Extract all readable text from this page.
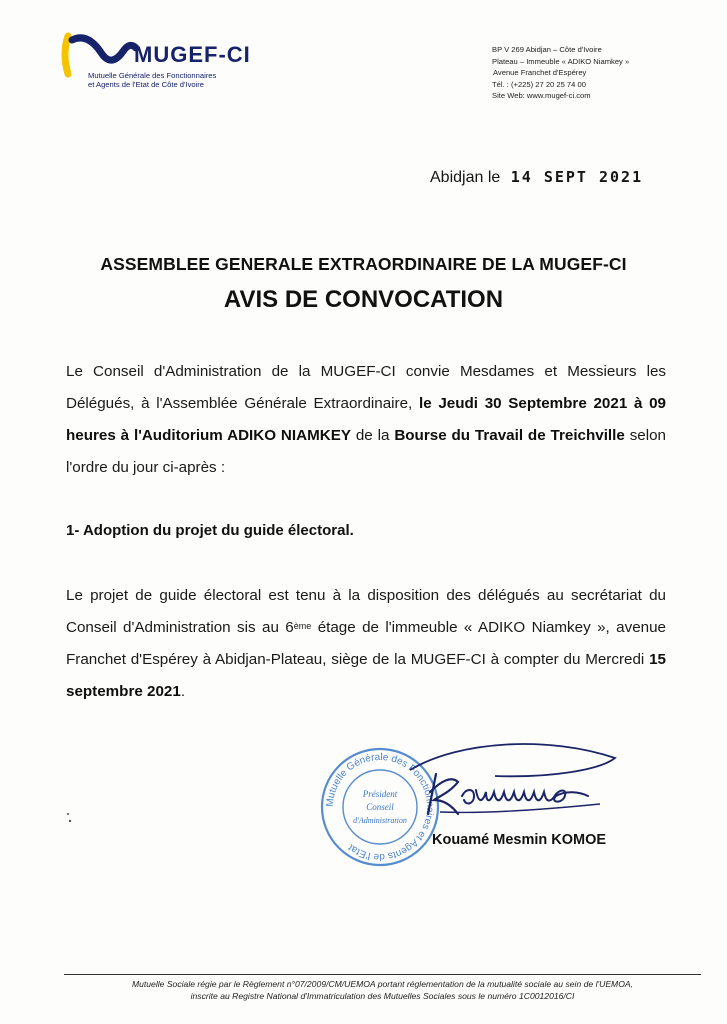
MUGEF-CI
Mutuelle Générale des Fonctionnaires
et Agents de l'Etat de Côte d'Ivoire
BP V 269 Abidjan – Côte d'Ivoire
Plateau – Immeuble « ADIKO Niamkey »
Avenue Franchet d'Espérey
Tél. : (+225) 27 20 25 74 00
Site Web: www.mugef-ci.com
Abidjan le 14 SEPT 2021
ASSEMBLEE GENERALE EXTRAORDINAIRE DE LA MUGEF-CI
AVIS DE CONVOCATION
Le Conseil d'Administration de la MUGEF-CI convie Mesdames et Messieurs les Délégués, à l'Assemblée Générale Extraordinaire, le Jeudi 30 Septembre 2021 à 09 heures à l'Auditorium ADIKO NIAMKEY de la Bourse du Travail de Treichville selon l'ordre du jour ci-après :
1- Adoption du projet du guide électoral.
Le projet de guide électoral est tenu à la disposition des délégués au secrétariat du Conseil d'Administration sis au 6ème étage de l'immeuble « ADIKO Niamkey », avenue Franchet d'Espérey à Abidjan-Plateau, siège de la MUGEF-CI à compter du Mercredi 15 septembre 2021.
Mutuelle Générale des Fonctionnaires et Agents de l'Etat
Président
Conseil
d'Administration
Kouamé Mesmin KOMOE
Mutuelle Sociale régie par le Règlement n°07/2009/CM/UEMOA portant réglementation de la mutualité sociale au sein de l'UEMOA,
inscrite au Registre National d'Immatriculation des Mutuelles Sociales sous le numéro 1C0012016/CI
